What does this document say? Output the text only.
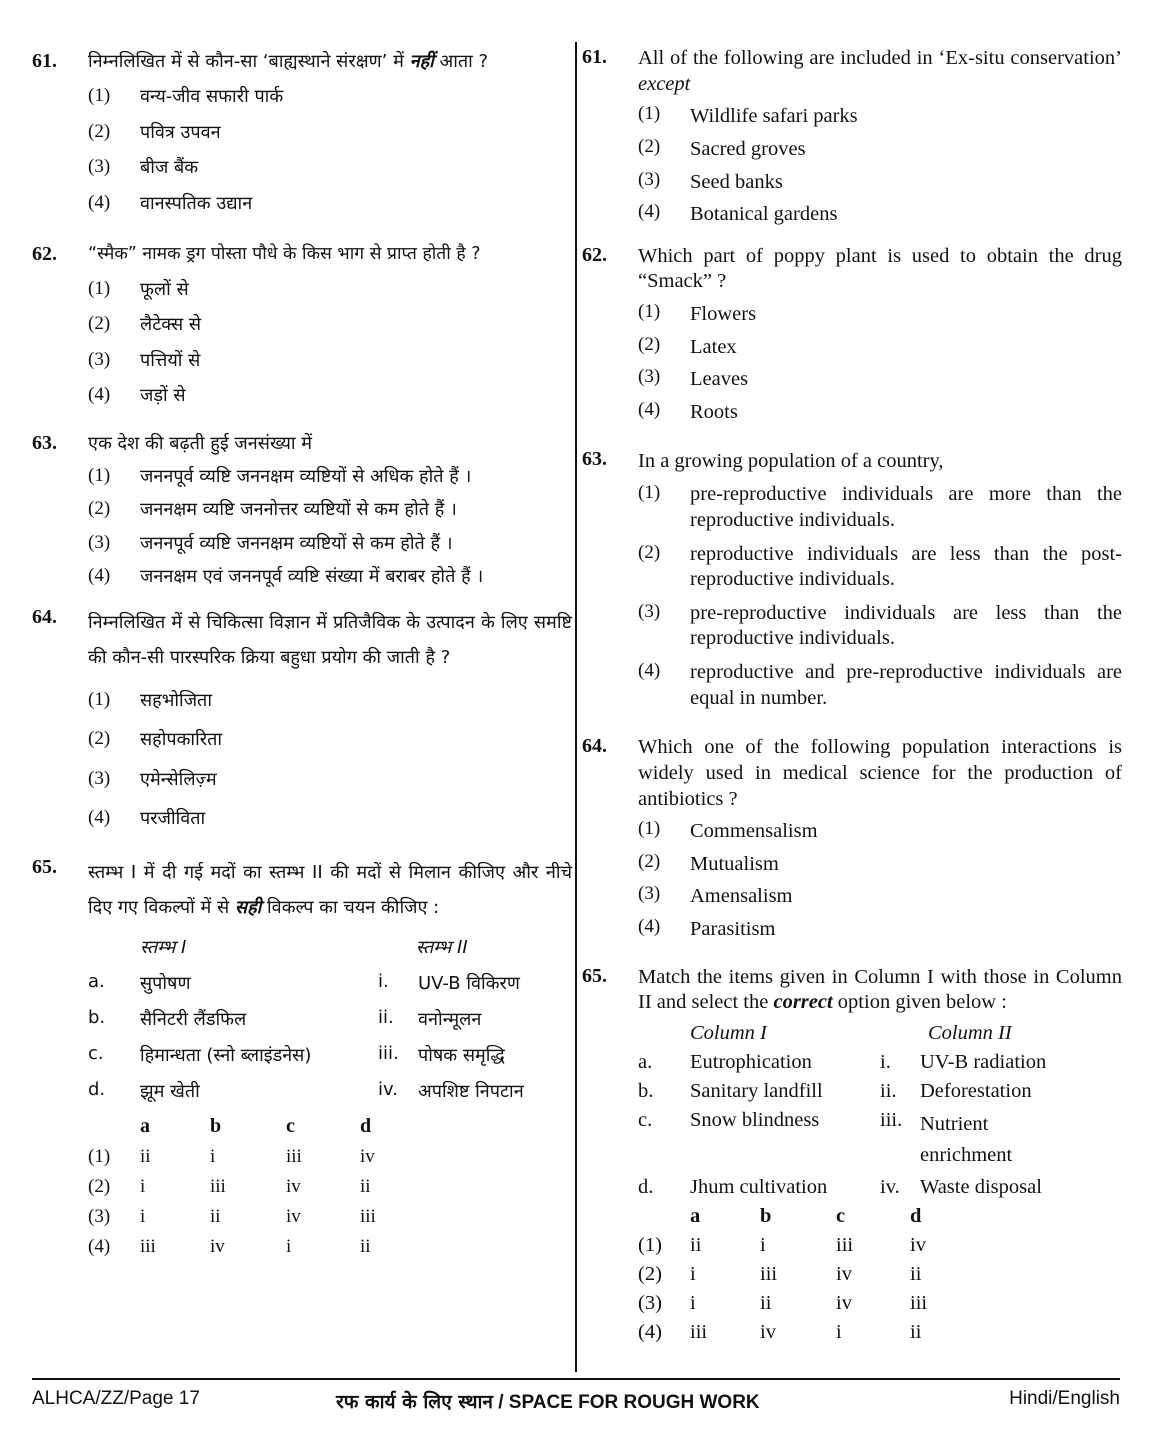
61.	निम्नलिखित में से कौन-सा ‘बाह्यस्थाने संरक्षण’ में नहीं आता ?
(1)	वन्य-जीव सफारी पार्क
(2)	पवित्र उपवन
(3)	बीज बैंक
(4)	वानस्पतिक उद्यान
62.	“स्मैक” नामक ड्रग पोस्ता पौधे के किस भाग से प्राप्त होती है ?
(1)	फूलों से
(2)	लैटेक्स से
(3)	पत्तियों से
(4)	जड़ों से
63.	एक देश की बढ़ती हुई जनसंख्या में
(1)	जननपूर्व व्यष्टि जननक्षम व्यष्टियों से अधिक होते हैं ।
(2)	जननक्षम व्यष्टि जननोत्तर व्यष्टियों से कम होते हैं ।
(3)	जननपूर्व व्यष्टि जननक्षम व्यष्टियों से कम होते हैं ।
(4)	जननक्षम एवं जननपूर्व व्यष्टि संख्या में बराबर होते हैं ।
64.	निम्नलिखित में से चिकित्सा विज्ञान में प्रतिजैविक के उत्पादन के लिए समष्टि की कौन-सी पारस्परिक क्रिया बहुधा प्रयोग की जाती है ?
(1)	सहभोजिता
(2)	सहोपकारिता
(3)	एमेन्सेलिज़्म
(4)	परजीविता
65.	स्तम्भ I में दी गई मदों का स्तम्भ II की मदों से मिलान कीजिए और नीचे दिए गए विकल्पों में से सही विकल्प का चयन कीजिए :
स्तम्भ I	स्तम्भ II
a.	सुपोषण	i.	UV-B विकिरण
b.	सैनिटरी लैंडफिल	ii.	वनोन्मूलन
c.	हिमान्धता (स्नो ब्लाइंडनेस)	iii.	पोषक समृद्धि
d.	झूम खेती	iv.	अपशिष्ट निपटान
a	b	c	d
(1)	ii	i	iii	iv
(2)	i	iii	iv	ii
(3)	i	ii	iv	iii
(4)	iii	iv	i	ii
61.	All of the following are included in ‘Ex-situ conservation’ except
(1)	Wildlife safari parks
(2)	Sacred groves
(3)	Seed banks
(4)	Botanical gardens
62.	Which part of poppy plant is used to obtain the drug “Smack” ?
(1)	Flowers
(2)	Latex
(3)	Leaves
(4)	Roots
63.	In a growing population of a country,
(1)	pre-reproductive individuals are more than the reproductive individuals.
(2)	reproductive individuals are less than the post-reproductive individuals.
(3)	pre-reproductive individuals are less than the reproductive individuals.
(4)	reproductive and pre-reproductive individuals are equal in number.
64.	Which one of the following population interactions is widely used in medical science for the production of antibiotics ?
(1)	Commensalism
(2)	Mutualism
(3)	Amensalism
(4)	Parasitism
65.	Match the items given in Column I with those in Column II and select the correct option given below :
Column I	Column II
a.	Eutrophication	i.	UV-B radiation
b.	Sanitary landfill	ii.	Deforestation
c.	Snow blindness	iii. Nutrient enrichment
d.	Jhum cultivation	iv. Waste disposal
a	b	c	d
(1)	ii	i	iii	iv
(2)	i	iii	iv	ii
(3)	i	ii	iv	iii
(4)	iii	iv	i	ii
ALHCA/ZZ/Page 17	रफ कार्य के लिए स्थान / SPACE FOR ROUGH WORK	Hindi/English
